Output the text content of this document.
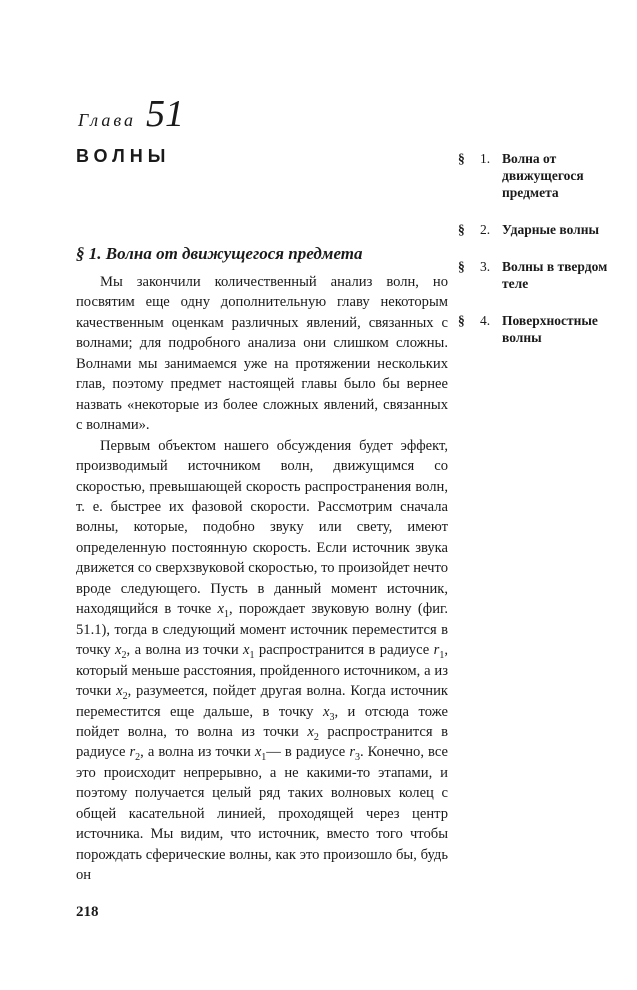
Глава 51
ВОЛНЫ	§	1. Волна от движущегося предмета
§	2. Ударные волны
§	3. Волны в твердом теле
§	4. Поверхностные волны
§ 1. Волна от движущегося предмета

Мы закончили количественный анализ волн, но посвятим еще одну дополнительную главу некоторым качественным оценкам различных явлений, связанных с волнами; для подробного анализа они слишком сложны. Волнами мы занимаемся уже на протяжении нескольких глав, поэтому предмет настоящей главы было бы вернее назвать «некоторые из более сложных явлений, связанных с волнами».

Первым объектом нашего обсуждения будет эффект, производимый источником волн, движущимся со скоростью, превышающей скорость распространения волн, т. е. быстрее их фазовой скорости. Рассмотрим сначала волны, которые, подобно звуку или свету, имеют определенную постоянную скорость. Если источник звука движется со сверхзвуковой скоростью, то произойдет нечто вроде следующего. Пусть в данный момент источник, находящийся в точке $x_1$, порождает звуковую волну (фиг. 51.1), тогда в следующий момент источник переместится в точку $x_2$, а волна из точки $x_1$ распространится в радиусе $r_1$, который меньше расстояния, пройденного источником, а из точки $x_2$, разумеется, пойдет другая волна. Когда источник переместится еще дальше, в точку $x_3$, и отсюда тоже пойдет волна, то волна из точки $x_2$ распространится в радиусе $r_2$, а волна из точки $x_1—$ в радиусе $r_3$. Конечно, все это происходит непрерывно, а не какими-то этапами, и поэтому получается целый ряд таких волновых колец с общей касательной линией, проходящей через центр источника. Мы видим, что источник, вместо того чтобы порождать сферические волны, как это произошло бы, будь он

218
